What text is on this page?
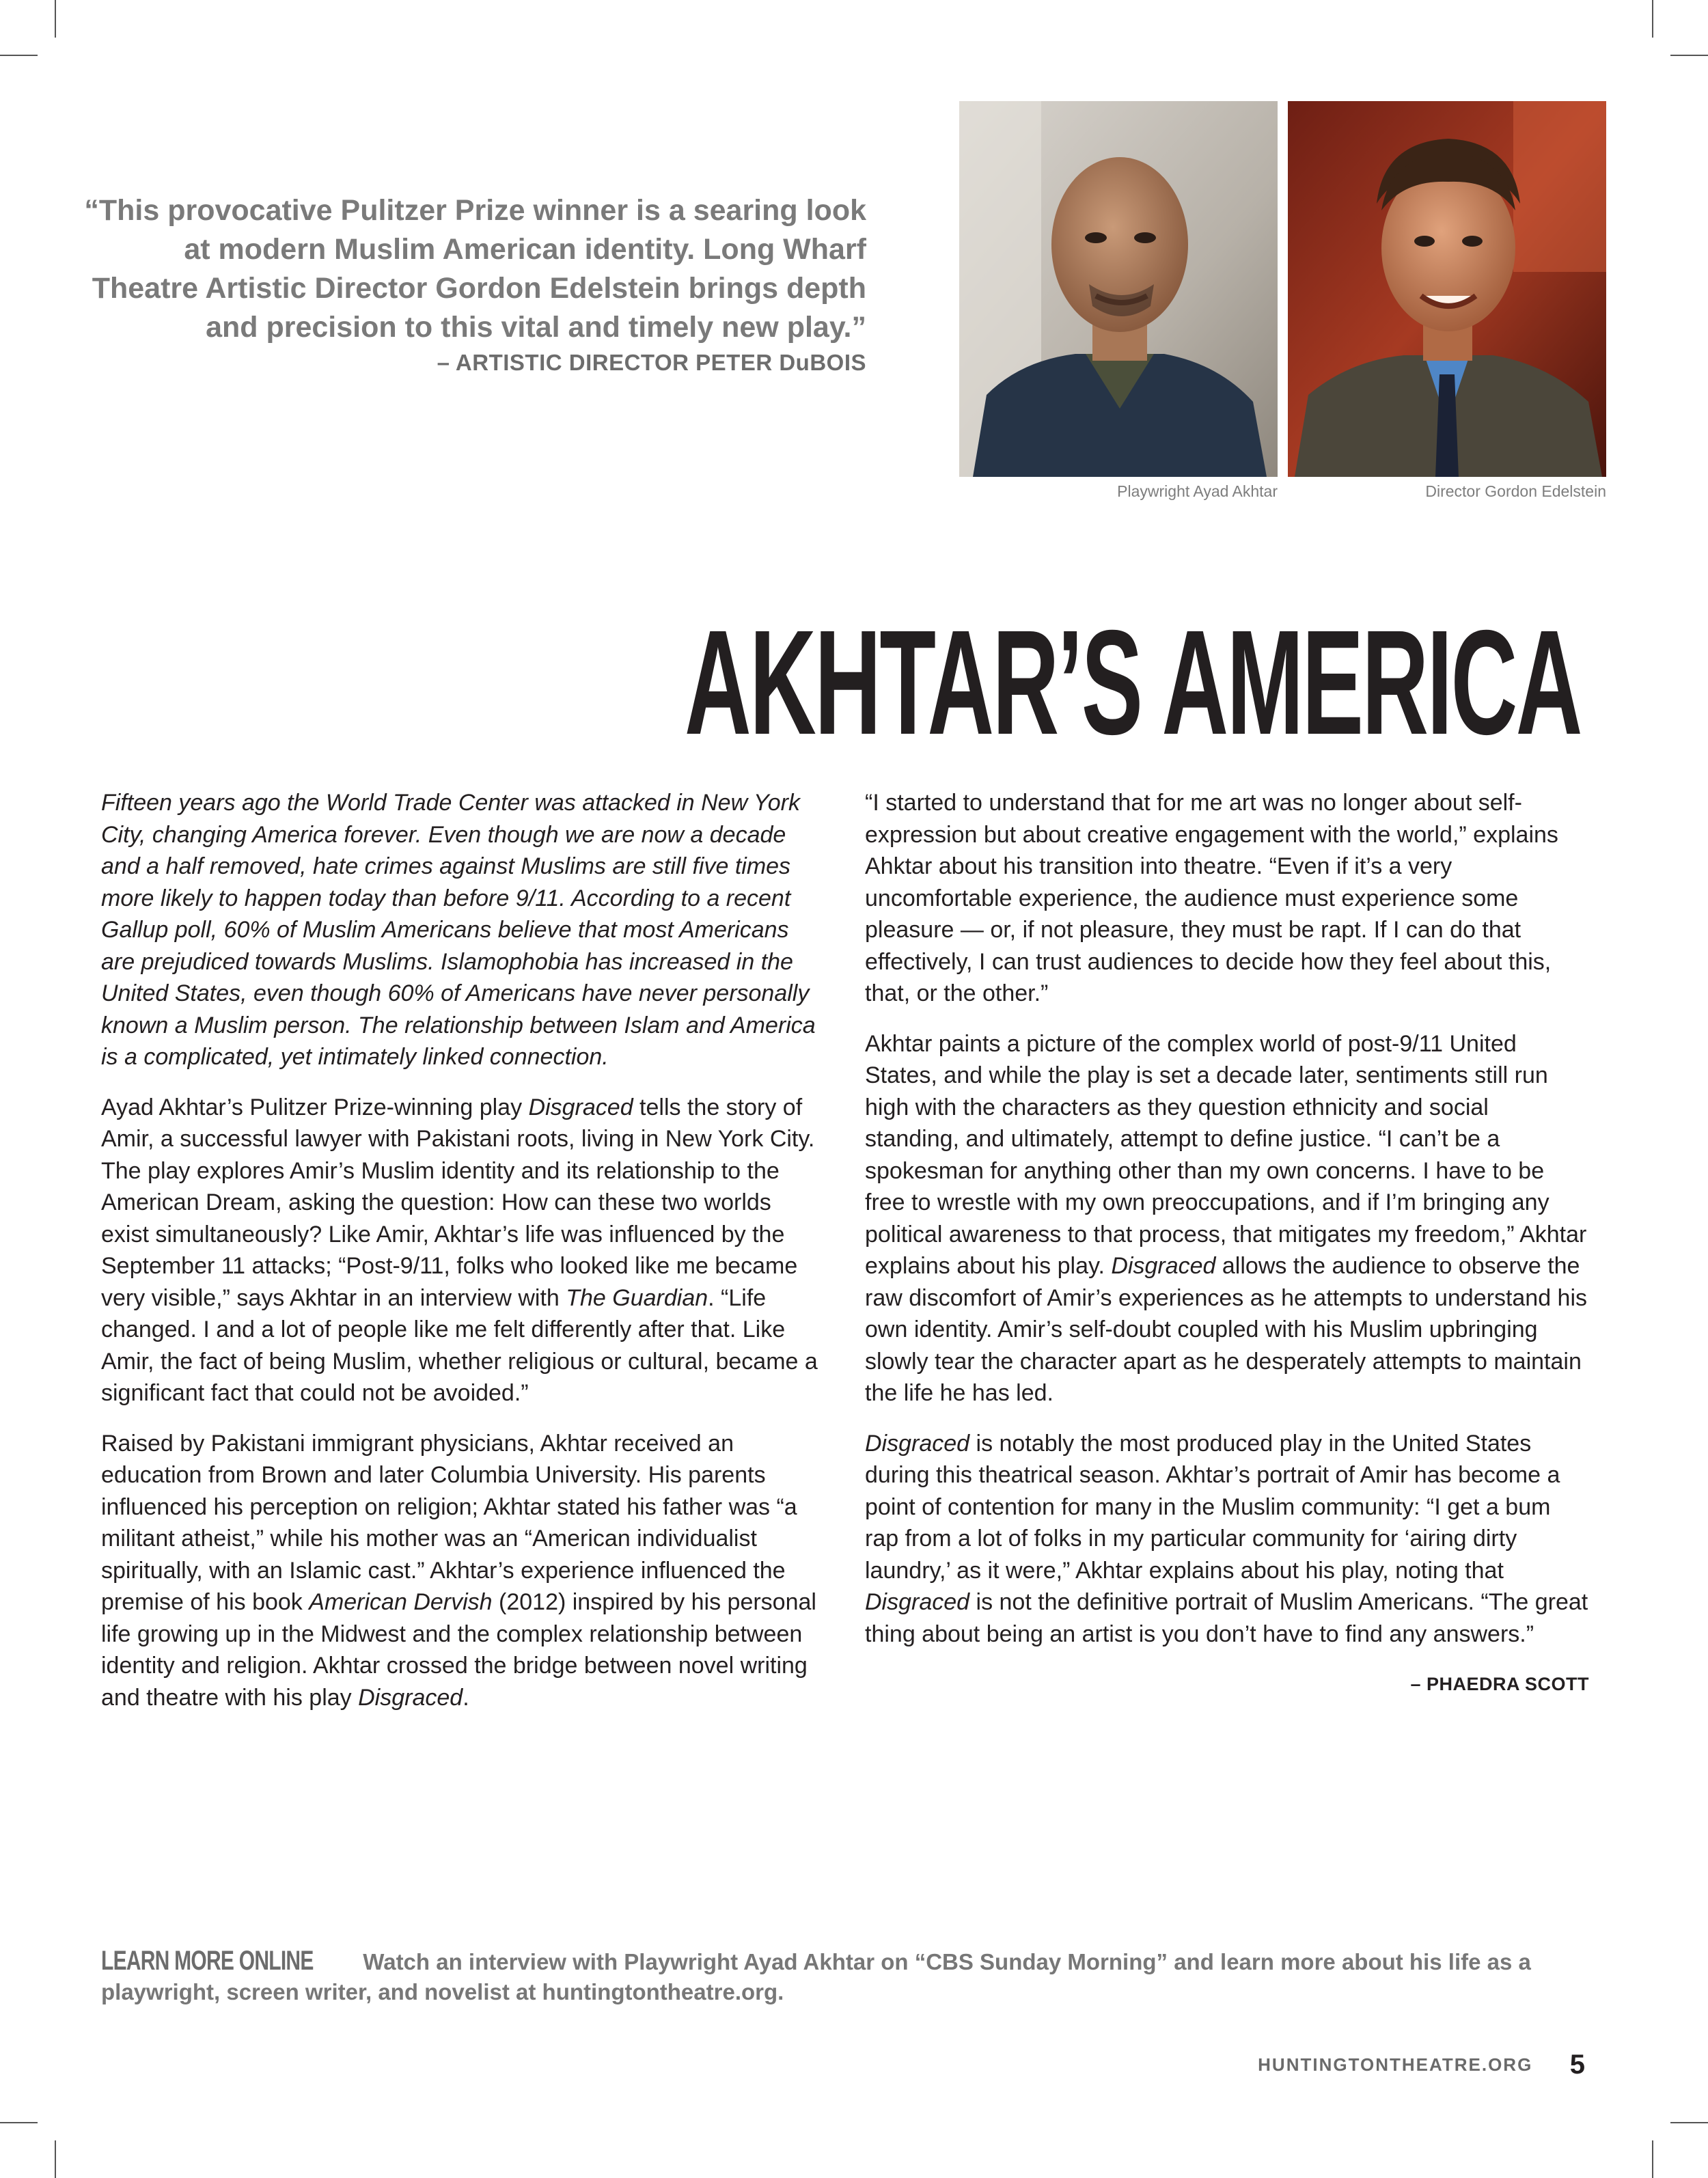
“This provocative Pulitzer Prize winner is a searing look at modern Muslim American identity. Long Wharf Theatre Artistic Director Gordon Edelstein brings depth and precision to this vital and timely new play.”
– ARTISTIC DIRECTOR PETER DuBOIS
Playwright Ayad Akhtar	Director Gordon Edelstein
AKHTAR’S AMERICA

Fifteen years ago the World Trade Center was attacked in New York City, changing America forever. Even though we are now a decade and a half removed, hate crimes against Muslims are still five times more likely to happen today than before 9/11. According to a recent Gallup poll, 60% of Muslim Americans believe that most Americans are prejudiced towards Muslims. Islamophobia has increased in the United States, even though 60% of Americans have never personally known a Muslim person. The relationship between Islam and America is a complicated, yet intimately linked connection.

Ayad Akhtar’s Pulitzer Prize-winning play Disgraced tells the story of Amir, a successful lawyer with Pakistani roots, living in New York City. The play explores Amir’s Muslim identity and its relationship to the American Dream, asking the question: How can these two worlds exist simultaneously? Like Amir, Akhtar’s life was influenced by the September 11 attacks; “Post-9/11, folks who looked like me became very visible,” says Akhtar in an interview with The Guardian. “Life changed. I and a lot of people like me felt differently after that. Like Amir, the fact of being Muslim, whether religious or cultural, became a significant fact that could not be avoided.”

Raised by Pakistani immigrant physicians, Akhtar received an education from Brown and later Columbia University. His parents influenced his perception on religion; Akhtar stated his father was “a militant atheist,” while his mother was an “American individualist spiritually, with an Islamic cast.” Akhtar’s experience influenced the premise of his book American Dervish (2012) inspired by his personal life growing up in the Midwest and the complex relationship between identity and religion. Akhtar crossed the bridge between novel writing and theatre with his play Disgraced.

“I started to understand that for me art was no longer about self-expression but about creative engagement with the world,” explains Ahktar about his transition into theatre. “Even if it’s a very uncomfortable experience, the audience must experience some pleasure — or, if not pleasure, they must be rapt. If I can do that effectively, I can trust audiences to decide how they feel about this, that, or the other.”

Akhtar paints a picture of the complex world of post-9/11 United States, and while the play is set a decade later, sentiments still run high with the characters as they question ethnicity and social standing, and ultimately, attempt to define justice. “I can’t be a spokesman for anything other than my own concerns. I have to be free to wrestle with my own preoccupations, and if I’m bringing any political awareness to that process, that mitigates my freedom,” Akhtar explains about his play. Disgraced allows the audience to observe the raw discomfort of Amir’s experiences as he attempts to understand his own identity. Amir’s self-doubt coupled with his Muslim upbringing slowly tear the character apart as he desperately attempts to maintain the life he has led.

Disgraced is notably the most produced play in the United States during this theatrical season. Akhtar’s portrait of Amir has become a point of contention for many in the Muslim community: “I get a bum rap from a lot of folks in my particular community for ‘airing dirty laundry,’ as it were,” Akhtar explains about his play, noting that Disgraced is not the definitive portrait of Muslim Americans. “The great thing about being an artist is you don’t have to find any answers.”

– PHAEDRA SCOTT
LEARN MORE ONLINE Watch an interview with Playwright Ayad Akhtar on “CBS Sunday Morning” and learn more about his life as a playwright, screen writer, and novelist at huntingtontheatre.org.
HUNTINGTONTHEATRE.ORG 5
